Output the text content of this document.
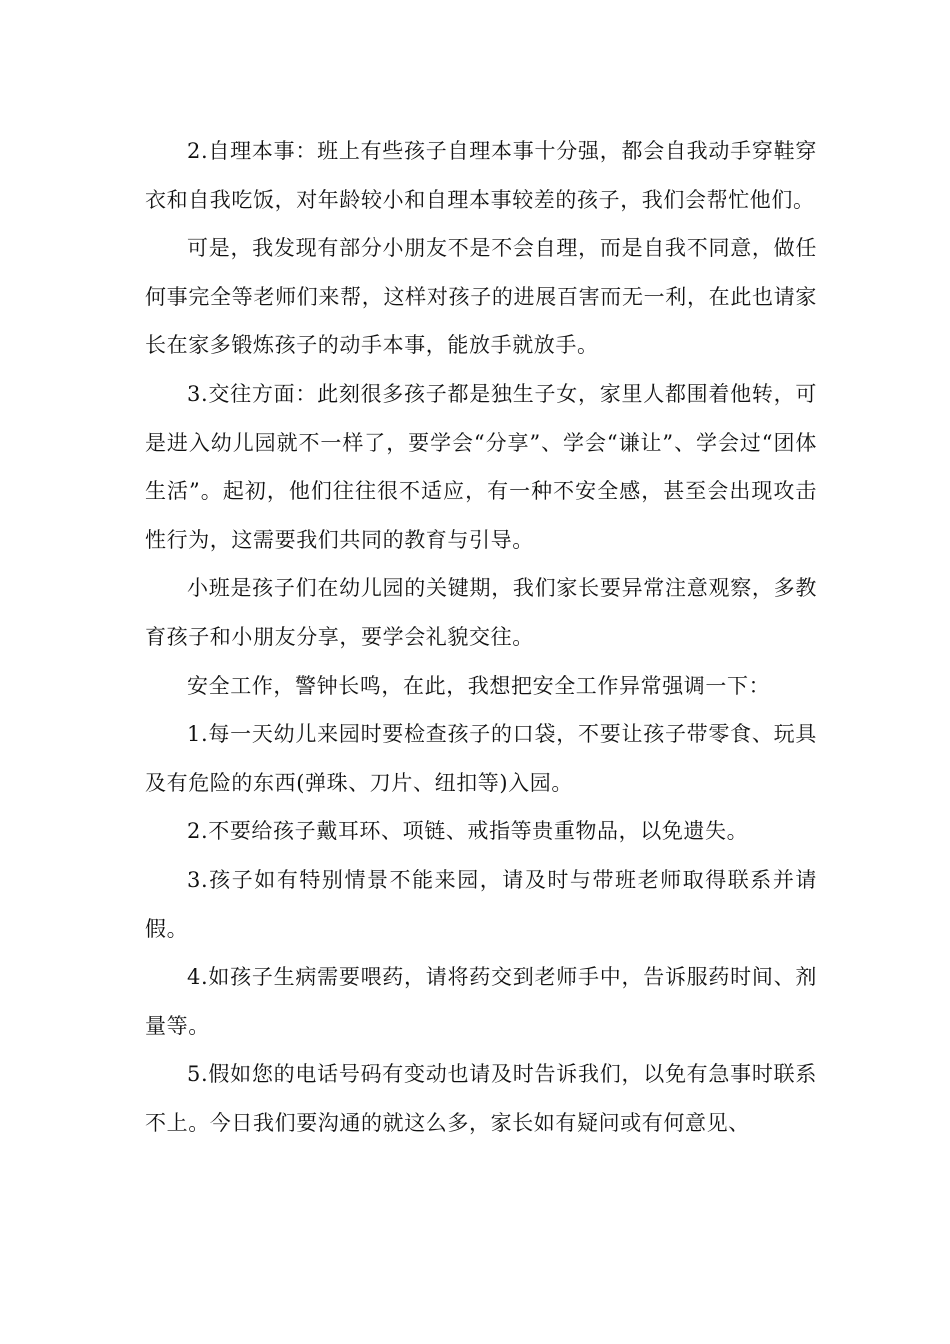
2.自理本事：班上有些孩子自理本事十分强，都会自我动手穿鞋穿衣和自我吃饭，对年龄较小和自理本事较差的孩子，我们会帮忙他们。

可是，我发现有部分小朋友不是不会自理，而是自我不同意，做任何事完全等老师们来帮，这样对孩子的进展百害而无一利，在此也请家长在家多锻炼孩子的动手本事，能放手就放手。

3.交往方面：此刻很多孩子都是独生子女，家里人都围着他转，可是进入幼儿园就不一样了，要学会“分享”、学会“谦让”、学会过“团体生活”。起初，他们往往很不适应，有一种不安全感，甚至会出现攻击性行为，这需要我们共同的教育与引导。

小班是孩子们在幼儿园的关键期，我们家长要异常注意观察，多教育孩子和小朋友分享，要学会礼貌交往。

安全工作，警钟长鸣，在此，我想把安全工作异常强调一下：

1.每一天幼儿来园时要检查孩子的口袋，不要让孩子带零食、玩具及有危险的东西(弹珠、刀片、纽扣等)入园。

2.不要给孩子戴耳环、项链、戒指等贵重物品，以免遗失。

3.孩子如有特别情景不能来园，请及时与带班老师取得联系并请假。

4.如孩子生病需要喂药，请将药交到老师手中，告诉服药时间、剂量等。

5.假如您的电话号码有变动也请及时告诉我们，以免有急事时联系不上。今日我们要沟通的就这么多，家长如有疑问或有何意见、
